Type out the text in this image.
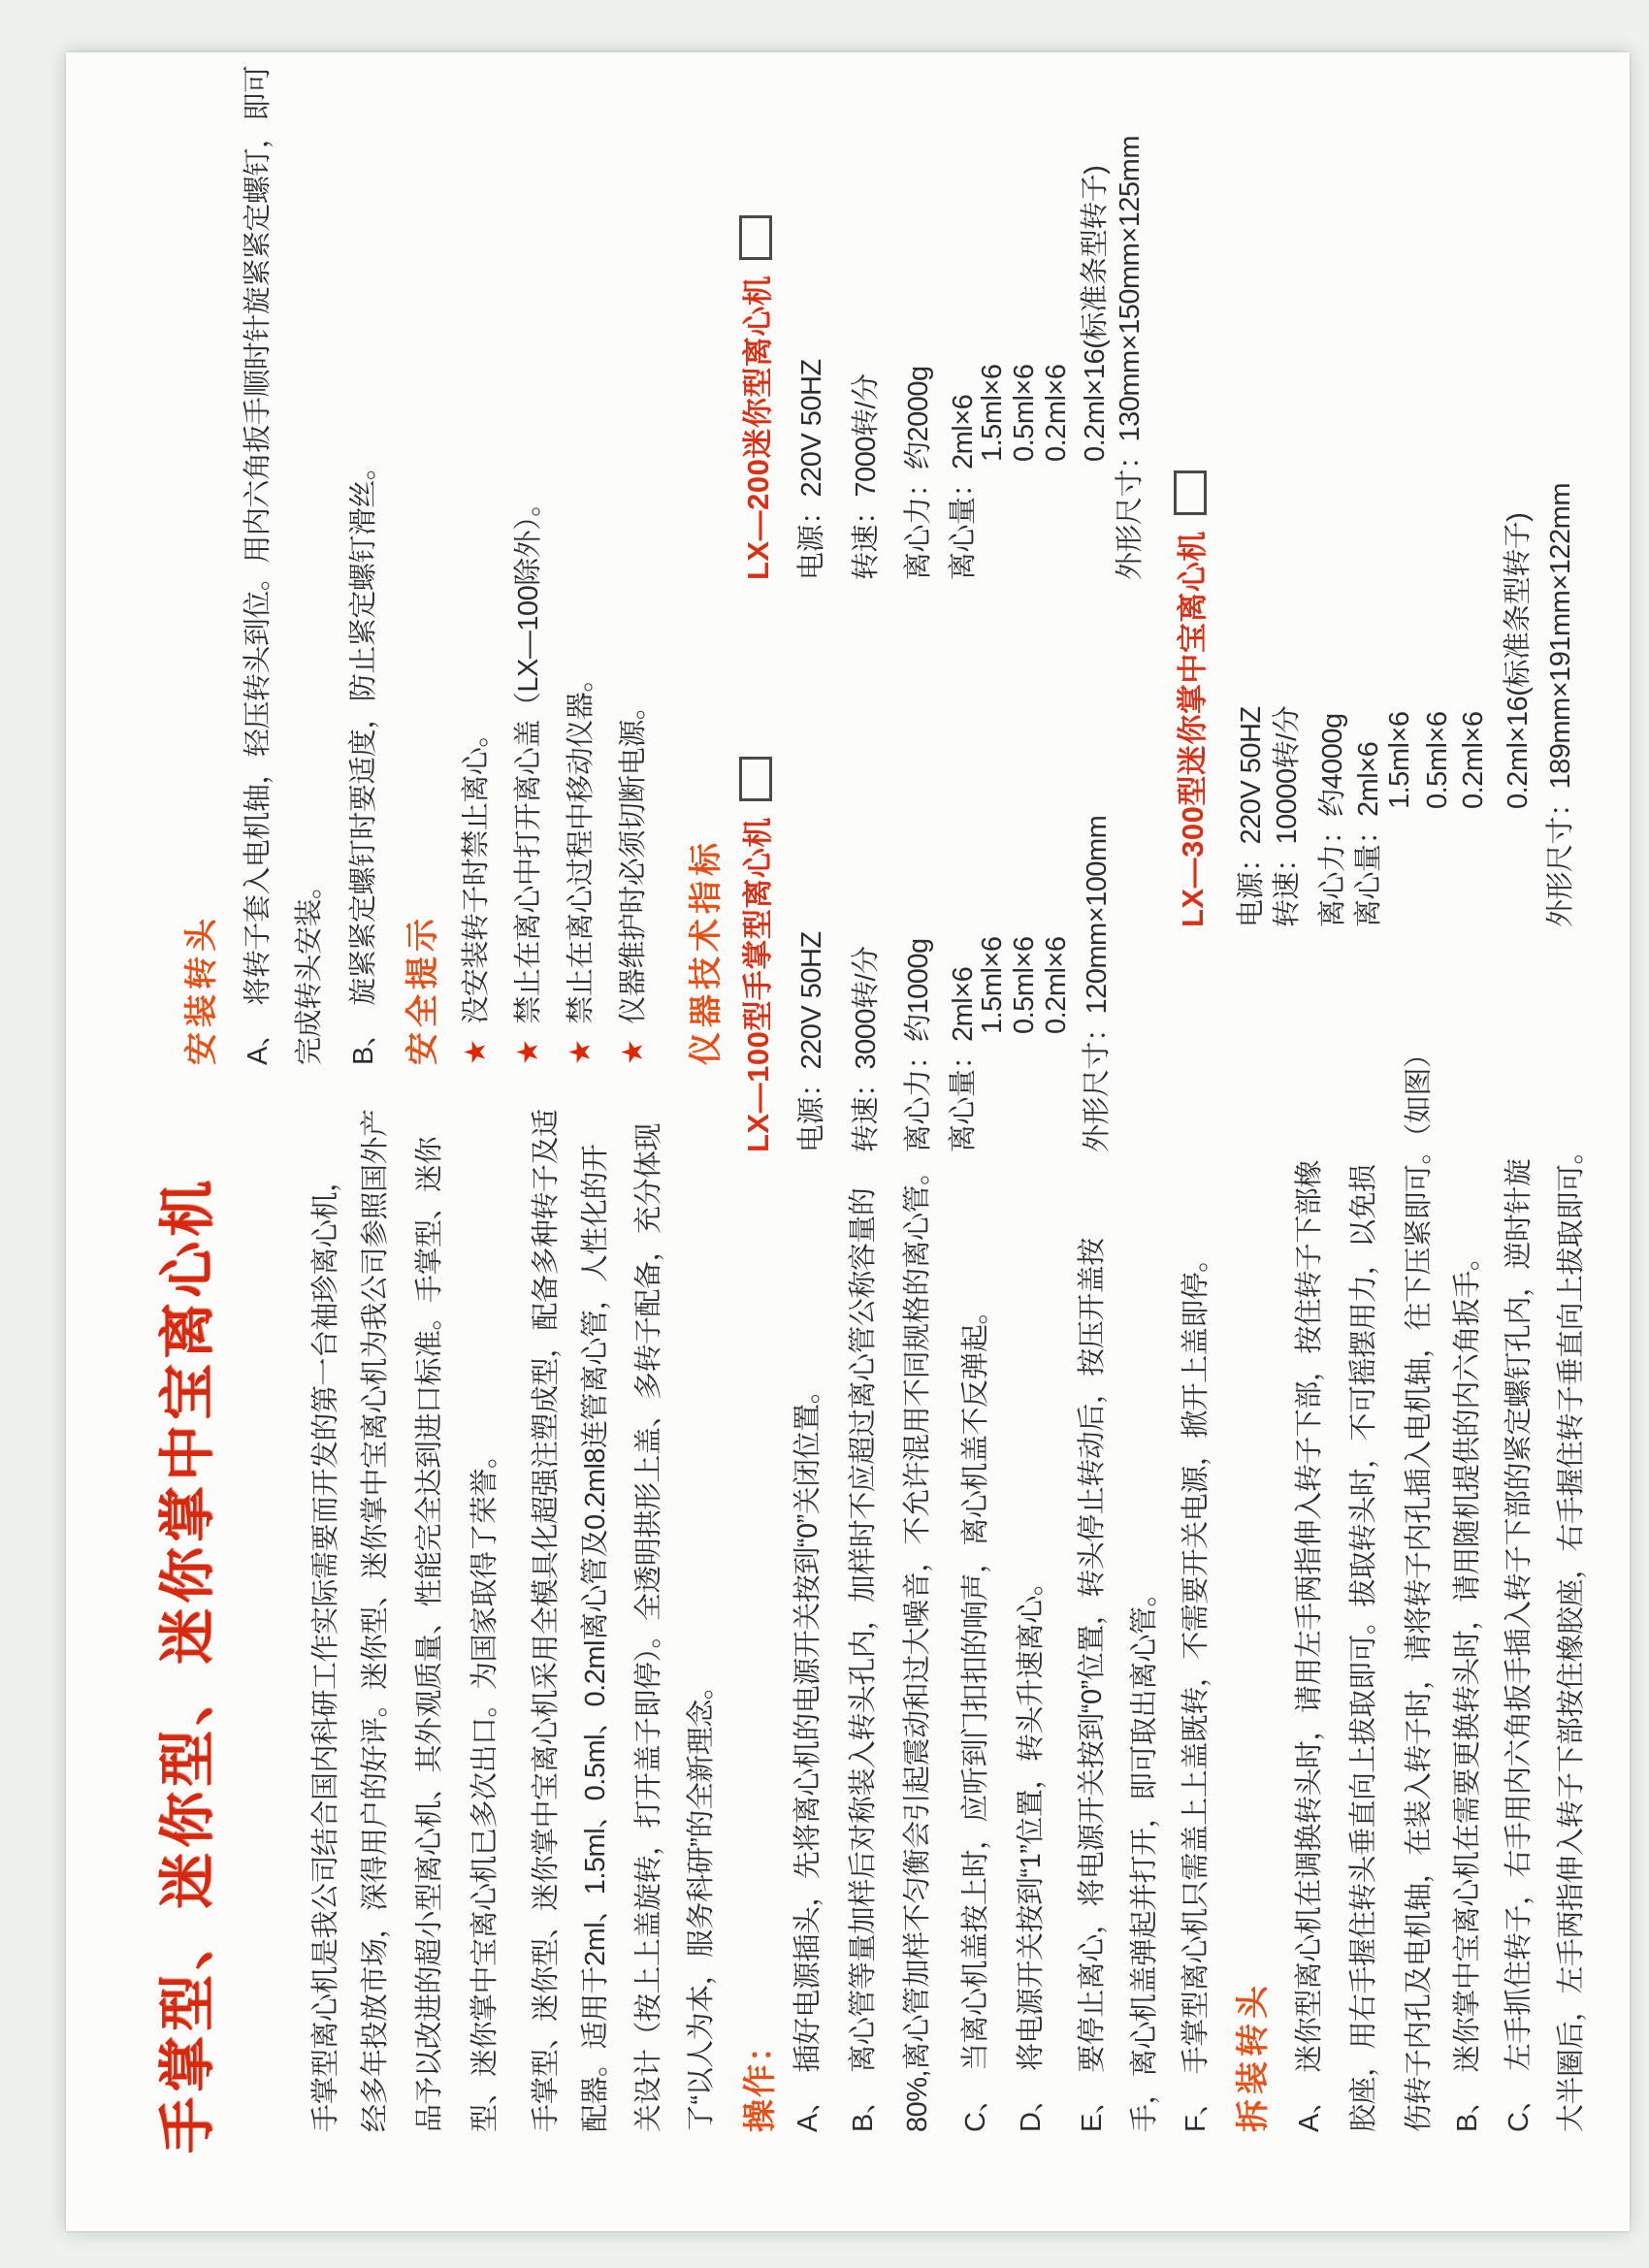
手掌型、迷你型、迷你掌中宝离心机	手掌型离心机是我公司结合国内科研工作实际需要而开发的第一台袖珍离心机， 经多年投放市场，深得用户的好评。迷你型、迷你掌中宝离心机为我公司参照国外产 品予以改进的超小型离心机、其外观质量、性能完全达到进口标准。手掌型、迷你 型、迷你掌中宝离心机已多次出口。为国家取得了荣誉。 手掌型、迷你型、迷你掌中宝离心机采用全模具化超强注塑成型，配备多种转子及适 配器。适用于2ml、1.5ml、0.5ml、0.2ml离心管及0.2ml8连管离心管，人性化的开 关设计（按上上盖旋转，打开盖子即停）。全透明拱形上盖、多转子配备，充分体现 了“以人为本，服务科研”的全新理念。 操作： A、　插好电源插头，先将离心机的电源开关按到“0”关闭位置。 B、　离心管等量加样后对称装入转头孔内，加样时不应超过离心管公称容量的 80%,离心管加样不匀衡会引起震动和过大噪音，不允许混用不同规格的离心管。 C、　当离心机盖按上时，应听到门扣扣的响声，离心机盖不反弹起。 D、　将电源开关按到“1”位置，转头升速离心。 E、　要停止离心，将电源开关按到“0”位置，转头停止转动后，按压开盖按 手，离心机盖弹起并打开，即可取出离心管。 F、　手掌型离心机只需盖上上盖既转，不需要开关电源，掀开上盖即停。 拆装转头 A、　迷你型离心机在调换转头时，请用左手两指伸入转子下部，按住转子下部橡 胶座，用右手握住转头垂直向上拔取即可。拔取转头时，不可摇摆用力，以免损 伤转子内孔及电机轴，在装入转子时，请将转子内孔插入电机轴，往下压紧即可。（如图） B、　迷你掌中宝离心机在需要更换转头时，请用随机提供的内六角扳手。 C、　左手抓住转子，右手用内六角扳手插入转子下部的紧定螺钉孔内，逆时针旋 大半圈后，左手两指伸入转子下部按住橡胶座，右手握住转子垂直向上拔取即可。
安装转头 A、　将转子套入电机轴，轻压转头到位。用内六角扳手顺时针旋紧紧定螺钉，即可 完成转头安装。 B、　旋紧紧定螺钉时要适度，防止紧定螺钉滑丝。 安全提示 ★没安装转子时禁止离心。
★禁止在离心中打开离心盖（LX—100除外）。
★禁止在离心过程中移动仪器。
★仪器维护时必须切断电源。 仪器技术指标 LX—100型手掌型离心机 电源：220V 50HZ 转速：3000转/分 离心力：约1000g 离心量：2ml×6
1.5ml×6 0.5ml×6 0.2ml×6 外形尺寸：120mm×100mm
LX—200迷你型离心机 电源：220V 50HZ 转速：7000转/分 离心力：约2000g 离心量：2ml×6
1.5ml×6 0.5ml×6 0.2ml×6 0.2ml×16(标准条型转子) 外形尺寸：130mm×150mm×125mm
LX—300型迷你掌中宝离心机 电源：220V 50HZ 转速：10000转/分 离心力：约4000g 离心量：2ml×6 1.5ml×6 0.5ml×6 0.2ml×6 0.2ml×16(标准条型转子) 外形尺寸：189mm×191mm×122mm
